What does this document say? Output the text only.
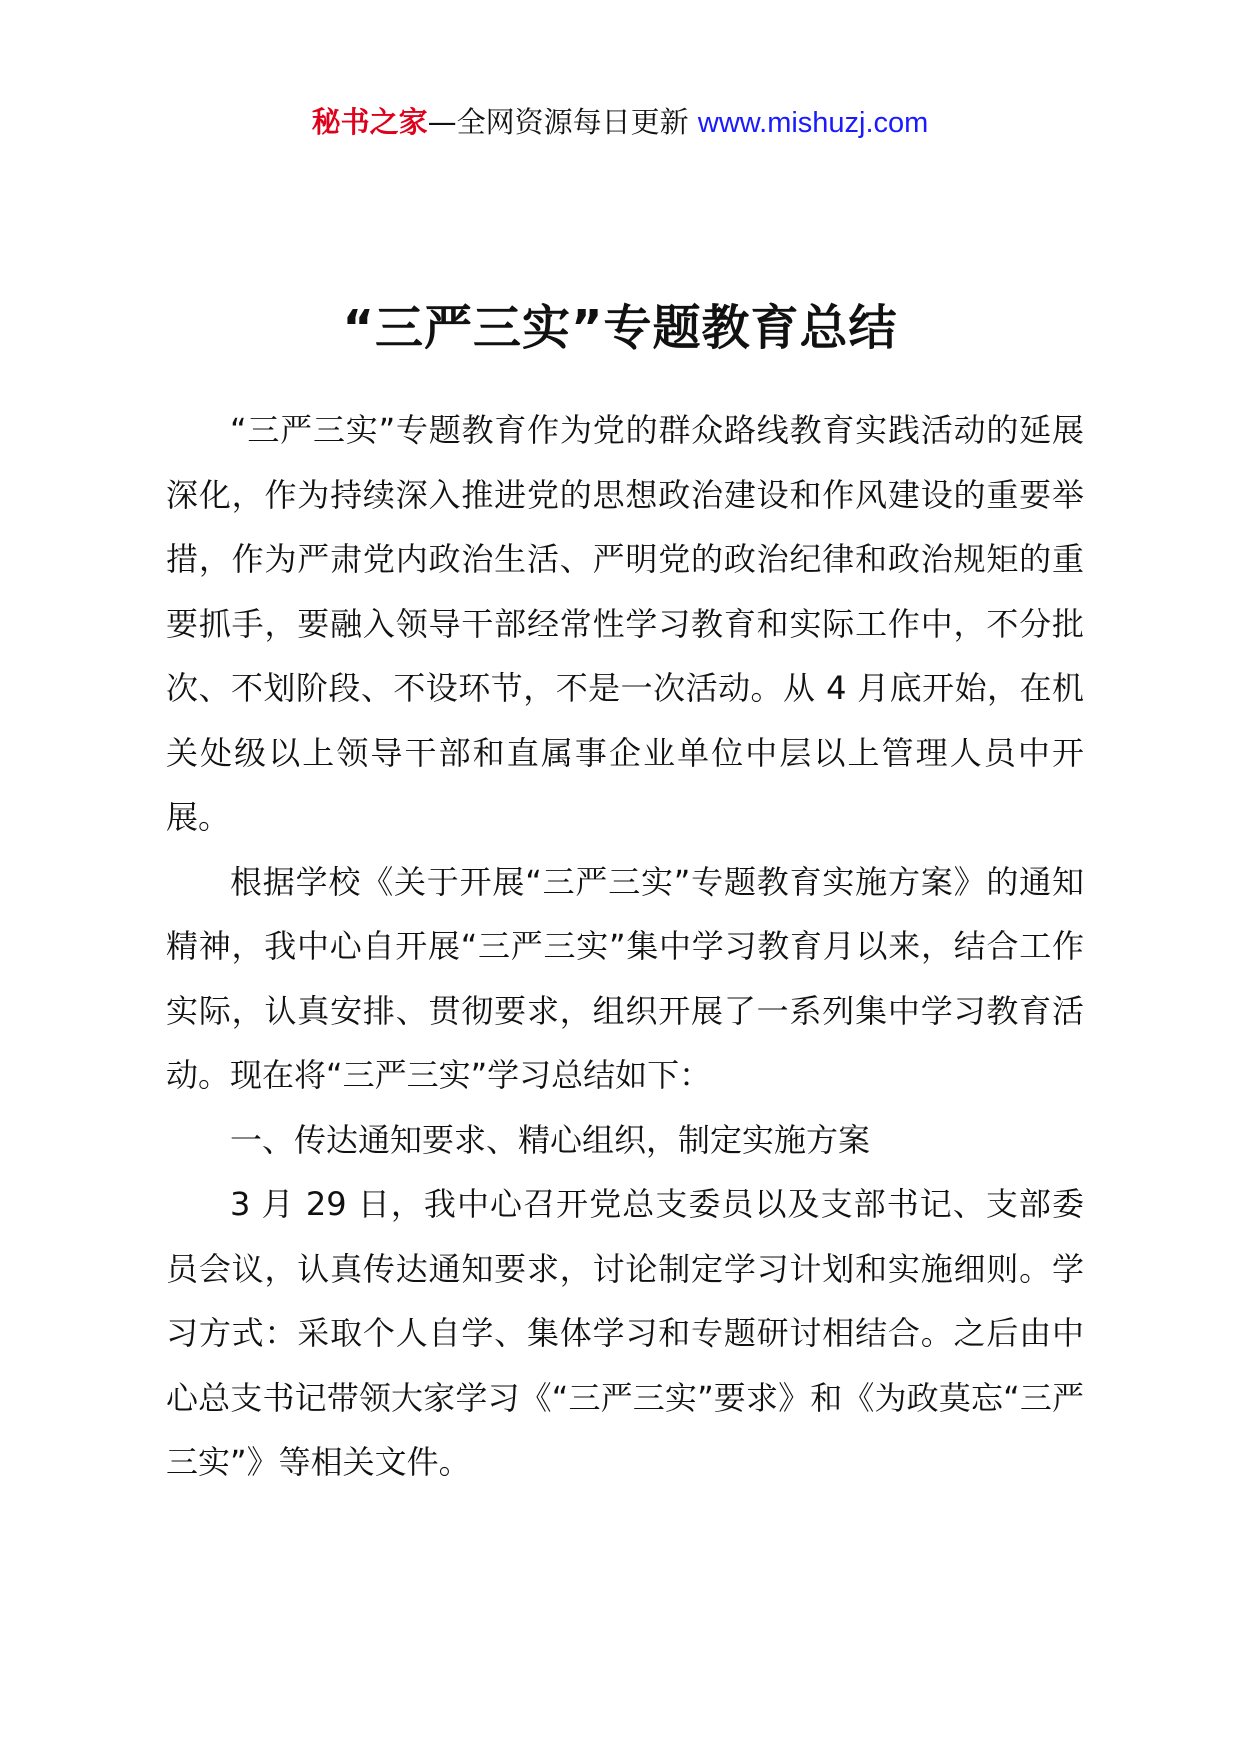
秘书之家—全网资源每日更新 www.mishuzj.com
“三严三实”专题教育总结

“三严三实”专题教育作为党的群众路线教育实践活动的延展深化，作为持续深入推进党的思想政治建设和作风建设的重要举措，作为严肃党内政治生活、严明党的政治纪律和政治规矩的重要抓手，要融入领导干部经常性学习教育和实际工作中，不分批次、不划阶段、不设环节，不是一次活动。从 4 月底开始，在机关处级以上领导干部和直属事企业单位中层以上管理人员中开展。

根据学校《关于开展“三严三实”专题教育实施方案》的通知精神，我中心自开展“三严三实”集中学习教育月以来，结合工作实际，认真安排、贯彻要求，组织开展了一系列集中学习教育活动。现在将“三严三实”学习总结如下：

一、传达通知要求、精心组织，制定实施方案

3 月 29 日，我中心召开党总支委员以及支部书记、支部委员会议，认真传达通知要求，讨论制定学习计划和实施细则。学习方式：采取个人自学、集体学习和专题研讨相结合。之后由中心总支书记带领大家学习《“三严三实”要求》和《为政莫忘“三严三实”》等相关文件。
